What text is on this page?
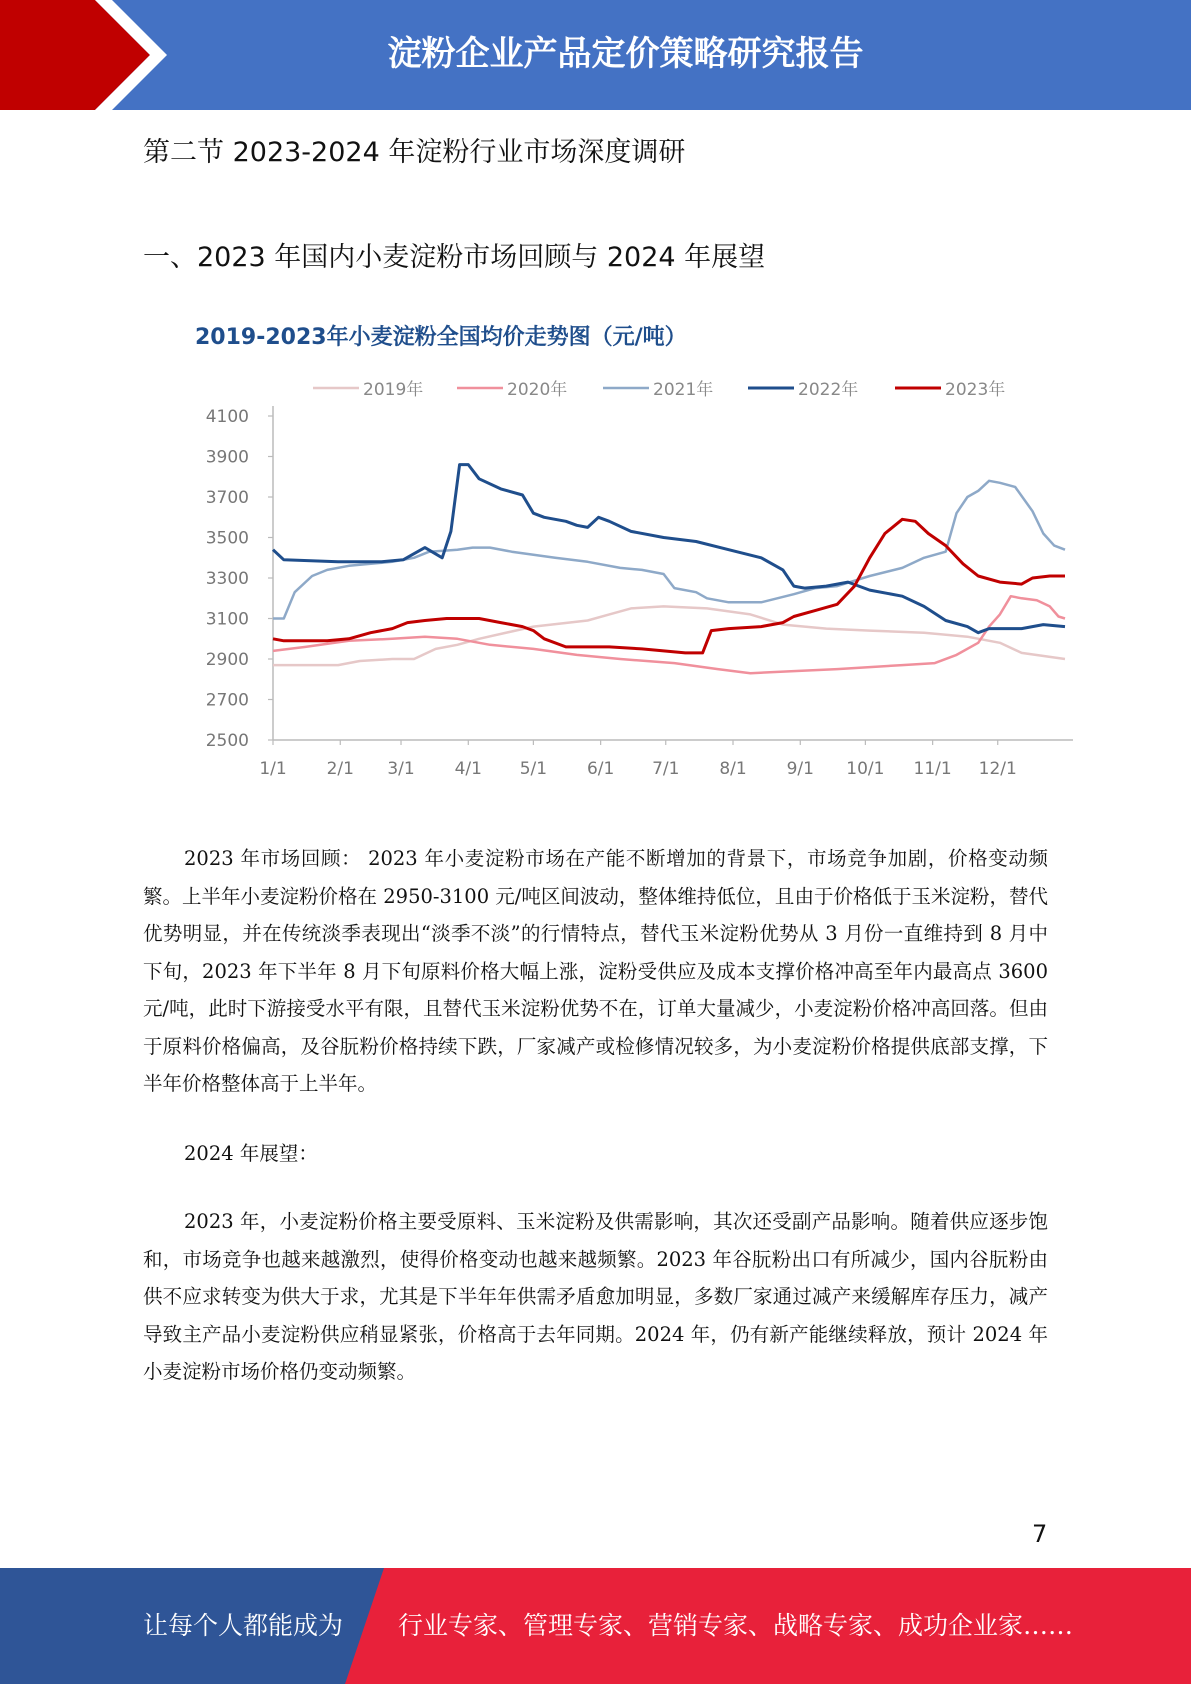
淀粉企业产品定价策略研究报告
第二节 2023-2024 年淀粉行业市场深度调研
一、2023 年国内小麦淀粉市场回顾与 2024 年展望
2019-2023年小麦淀粉全国均价走势图（元/吨）
2019年	2020年	2021年	2022年	2023年
4100
3900
3700
3500
3300
3100
2900
2700
2500
1/1 2/1 3/1 4/1 5/1 6/1 7/1 8/1 9/1 10/1 11/1 12/1

2023 年市场回顾： 2023 年小麦淀粉市场在产能不断增加的背景下，市场竞争加剧，价格变动频繁。上半年小麦淀粉价格在 2950-3100 元/吨区间波动，整体维持低位，且由于价格低于玉米淀粉，替代优势明显，并在传统淡季表现出“淡季不淡”的行情特点，替代玉米淀粉优势从 3 月份一直维持到 8 月中下旬，2023 年下半年 8 月下旬原料价格大幅上涨，淀粉受供应及成本支撑价格冲高至年内最高点 3600 元/吨，此时下游接受水平有限，且替代玉米淀粉优势不在，订单大量减少，小麦淀粉价格冲高回落。但由于原料价格偏高，及谷朊粉价格持续下跌，厂家减产或检修情况较多，为小麦淀粉价格提供底部支撑，下半年价格整体高于上半年。

2024 年展望：

2023 年，小麦淀粉价格主要受原料、玉米淀粉及供需影响，其次还受副产品影响。随着供应逐步饱和，市场竞争也越来越激烈，使得价格变动也越来越频繁。2023 年谷朊粉出口有所减少，国内谷朊粉由供不应求转变为供大于求，尤其是下半年年供需矛盾愈加明显，多数厂家通过减产来缓解库存压力，减产导致主产品小麦淀粉供应稍显紧张，价格高于去年同期。2024 年，仍有新产能继续释放，预计 2024 年小麦淀粉市场价格仍变动频繁。

7
让每个人都能成为 行业专家、管理专家、营销专家、战略专家、成功企业家……
